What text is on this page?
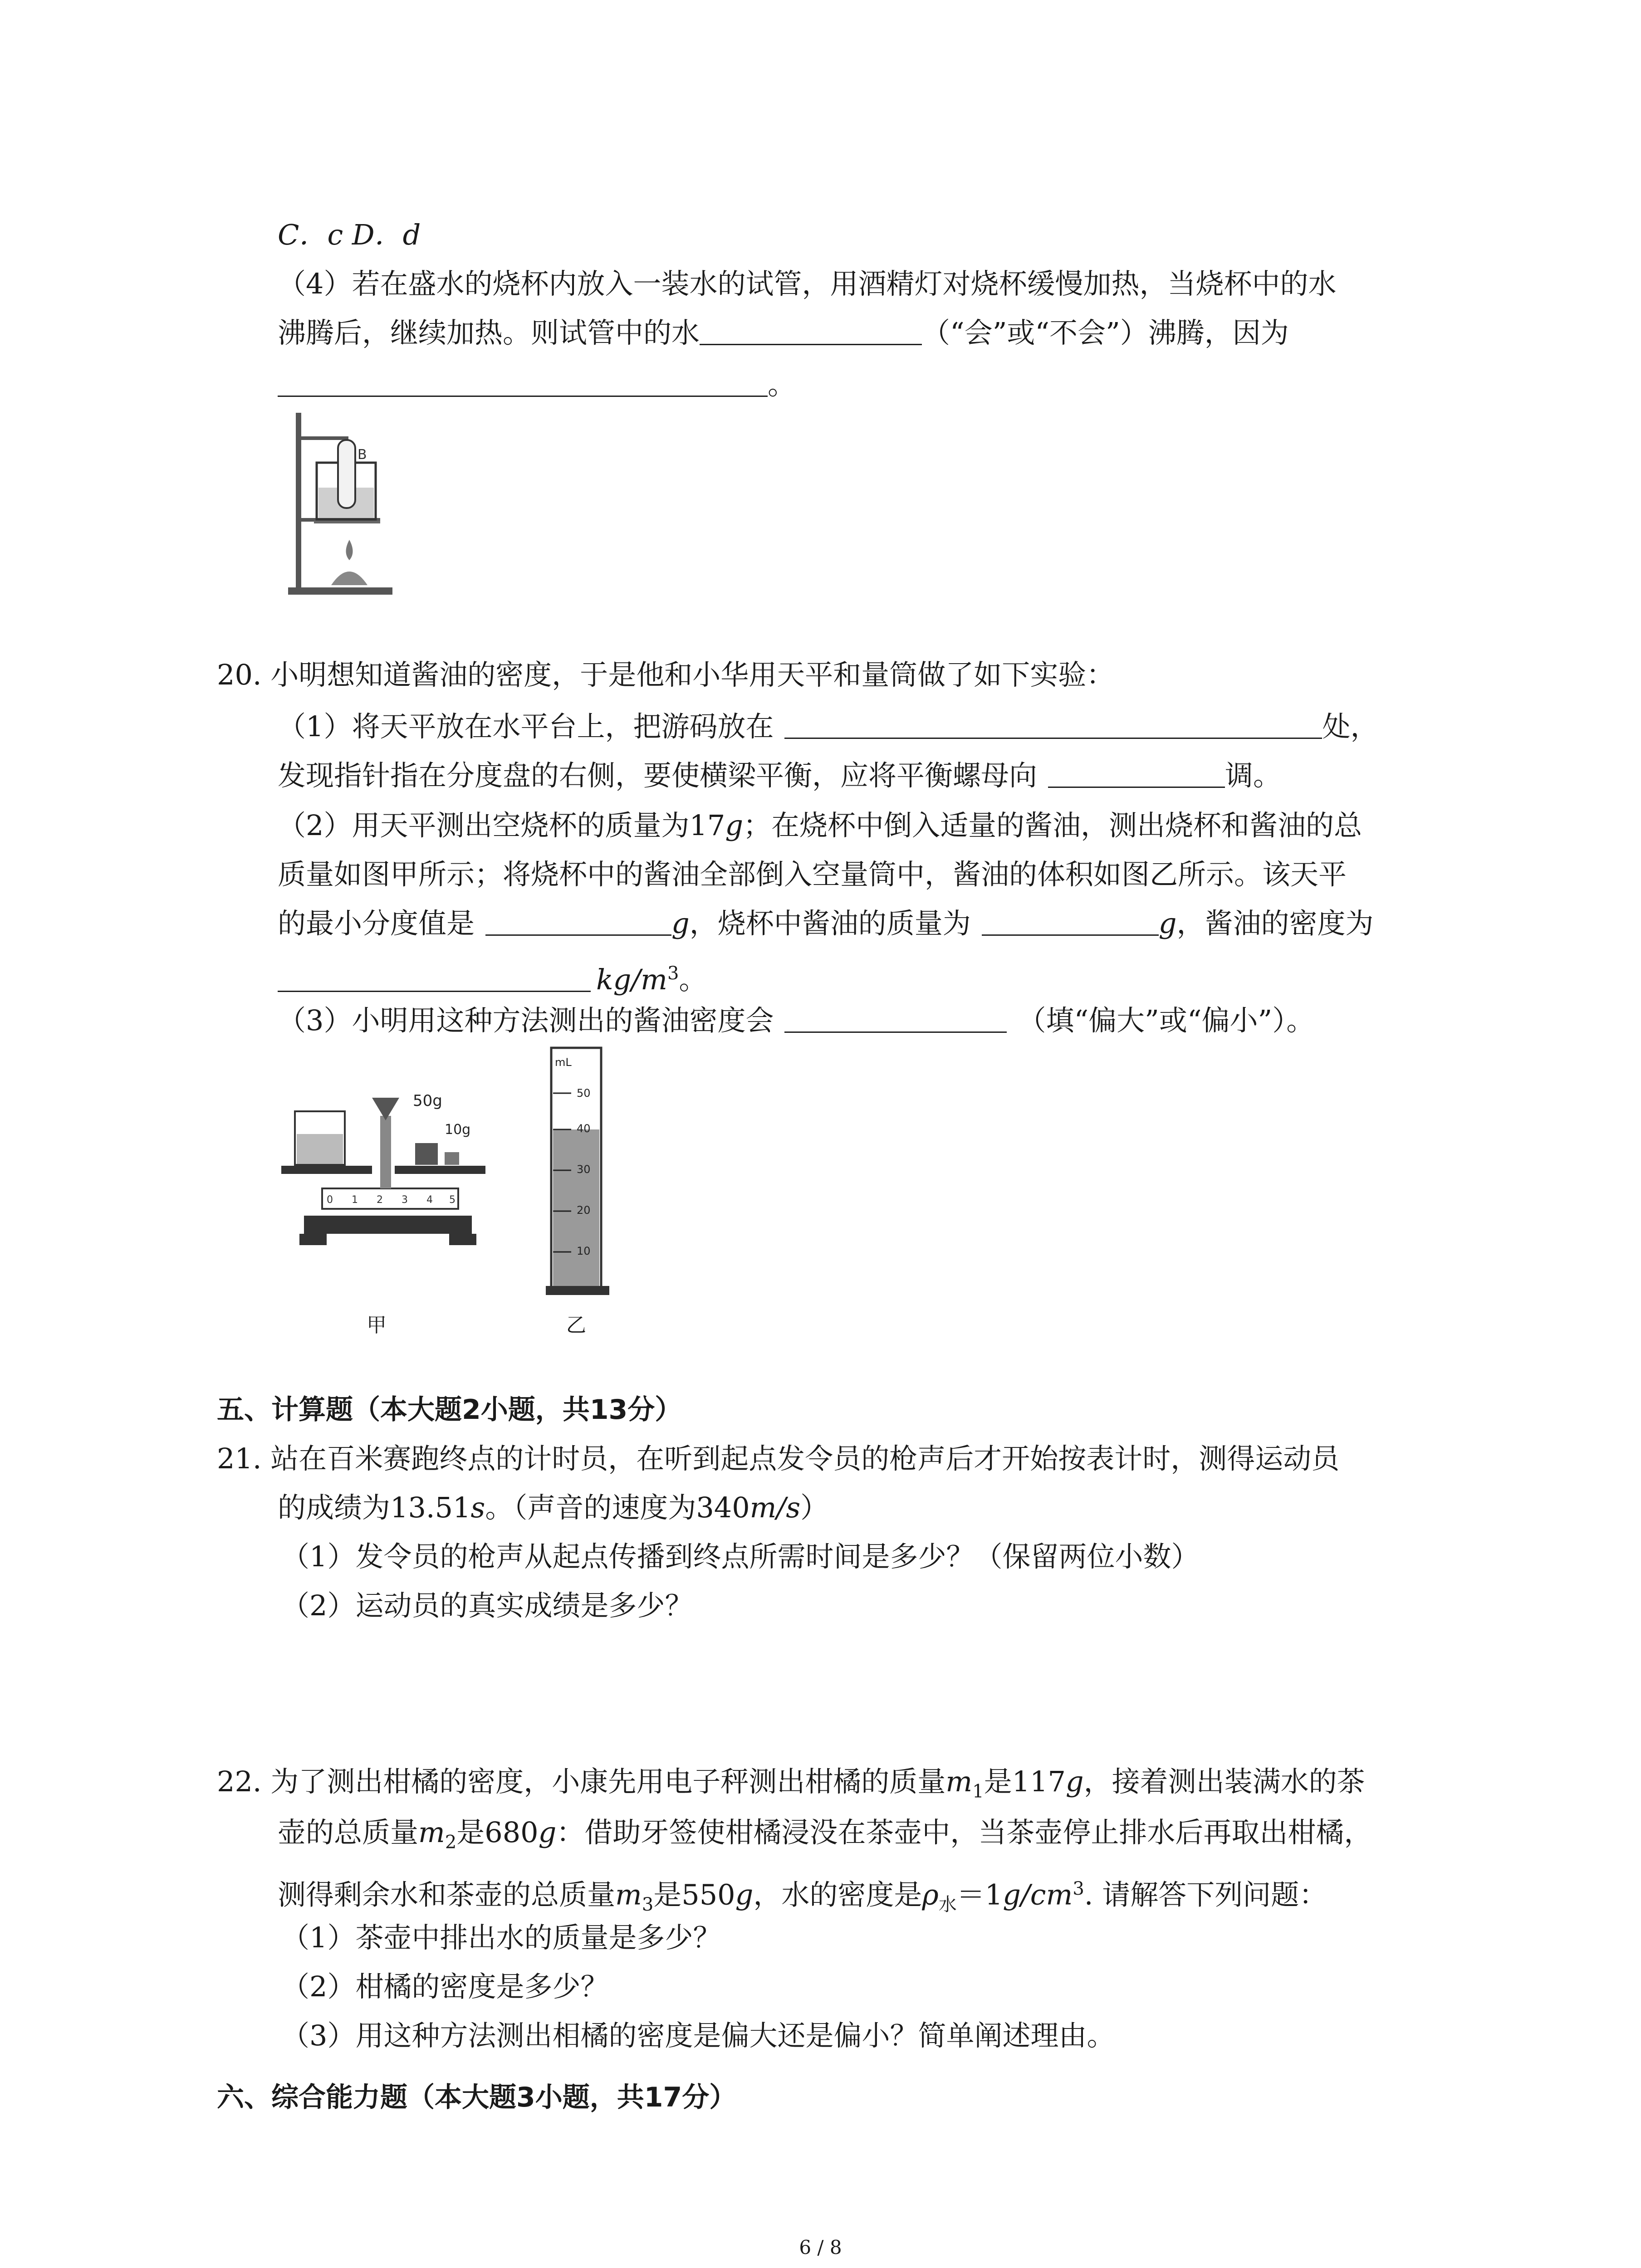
C．c D．d
（4）若在盛水的烧杯内放入一装水的试管，用酒精灯对烧杯缓慢加热，当烧杯中的水
沸腾后，继续加热。则试管中的水	（“会”或“不会”）沸腾，因为
。
B
20. 小明想知道酱油的密度，于是他和小华用天平和量筒做了如下实验：
（1）将天平放在水平台上，把游码放在	处，
发现指针指在分度盘的右侧，要使横梁平衡，应将平衡螺母向	调。
（2）用天平测出空烧杯的质量为17g；在烧杯中倒入适量的酱油，测出烧杯和酱油的总
质量如图甲所示；将烧杯中的酱油全部倒入空量筒中，酱油的体积如图乙所示。该天平
的最小分度值是	g，烧杯中酱油的质量为	g，酱油的密度为
$kg/m^3$。
（3）小明用这种方法测出的酱油密度会	（填“偏大”或“偏小”）。
0 1 2 3 4 5
50g
10g
甲
mL
50
40
30
20
10
乙
五、计算题（本大题2小题，共13分）
21. 站在百米赛跑终点的计时员，在听到起点发令员的枪声后才开始按表计时，测得运动员
的成绩为13.51s。（声音的速度为340m/s）
（1）发令员的枪声从起点传播到终点所需时间是多少？（保留两位小数）
（2）运动员的真实成绩是多少？
22. 为了测出柑橘的密度，小康先用电子秤测出柑橘的质量$m_1$是117g，接着测出装满水的茶
壶的总质量$m_2$是680g：借助牙签使柑橘浸没在茶壶中，当茶壶停止排水后再取出柑橘，
测得剩余水和茶壶的总质量$m_3$是550g，水的密度是$\rho_水=1g/cm^3$. 请解答下列问题：
（1）茶壶中排出水的质量是多少？
（2）柑橘的密度是多少？
（3）用这种方法测出相橘的密度是偏大还是偏小？简单阐述理由。
六、综合能力题（本大题3小题，共17分）
6 / 8
